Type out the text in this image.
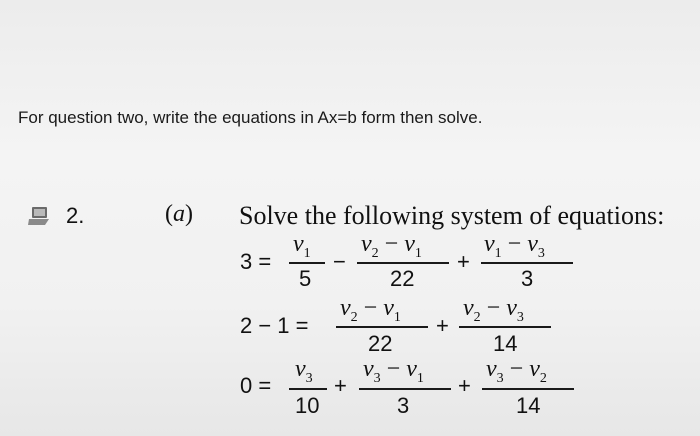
For question two, write the equations in Ax=b form then solve.
2.	(a) Solve the following system of equations:
3 =
$v_1$
5
−
$v_2 - v_1$
22
+
$v_1 - v_3$
3
2 − 1 =
$v_2 - v_1$
22
+
$v_2 - v_3$
14
0 =
$v_3$
10
+
$v_3 - v_1$
3
+
$v_3 - v_2$
14
